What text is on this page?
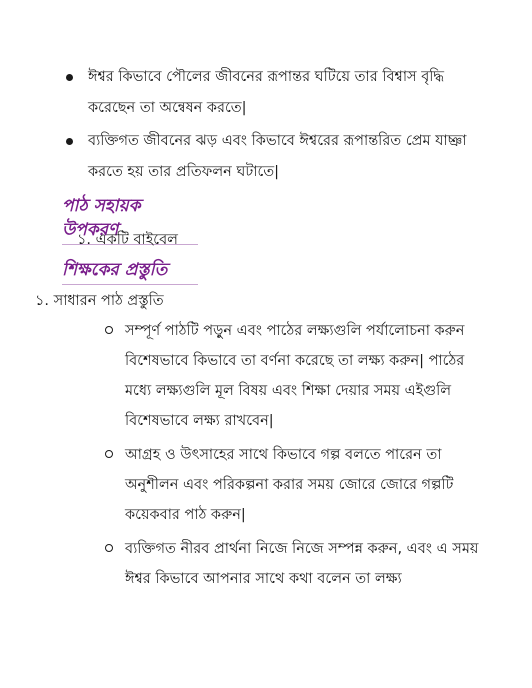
ঈশ্বর কিভাবে পৌলের জীবনের রূপান্তর ঘটিয়ে তার বিশ্বাস বৃদ্ধি করেছেন তা অন্বেষন করতে|
ব্যক্তিগত জীবনের ঝড় এবং কিভাবে ঈশ্বরের রূপান্তরিত প্রেম যাচ্ঞা করতে হয় তার প্রতিফলন ঘটাতে|
পাঠ সহায়ক উপকরণ
১. একটি বাইবেল
শিক্ষকের প্রস্তুতি
১. সাধারন পাঠ প্রস্তুতি
সম্পূর্ণ পাঠটি পড়ুন এবং পাঠের লক্ষ্যগুলি পর্যালোচনা করুন বিশেষভাবে কিভাবে তা বর্ণনা করেছে তা লক্ষ্য করুন| পাঠের মধ্যে লক্ষ্যগুলি মূল বিষয় এবং শিক্ষা দেয়ার সময় এইগুলি বিশেষভাবে লক্ষ্য রাখবেন|
আগ্রহ ও উৎসাহের সাথে কিভাবে গল্প বলতে পারেন তা অনুশীলন এবং পরিকল্পনা করার সময় জোরে জোরে গল্পটি কয়েকবার পাঠ করুন|
ব্যক্তিগত নীরব প্রার্থনা নিজে নিজে সম্পন্ন করুন, এবং এ সময় ঈশ্বর কিভাবে আপনার সাথে কথা বলেন তা লক্ষ্য
